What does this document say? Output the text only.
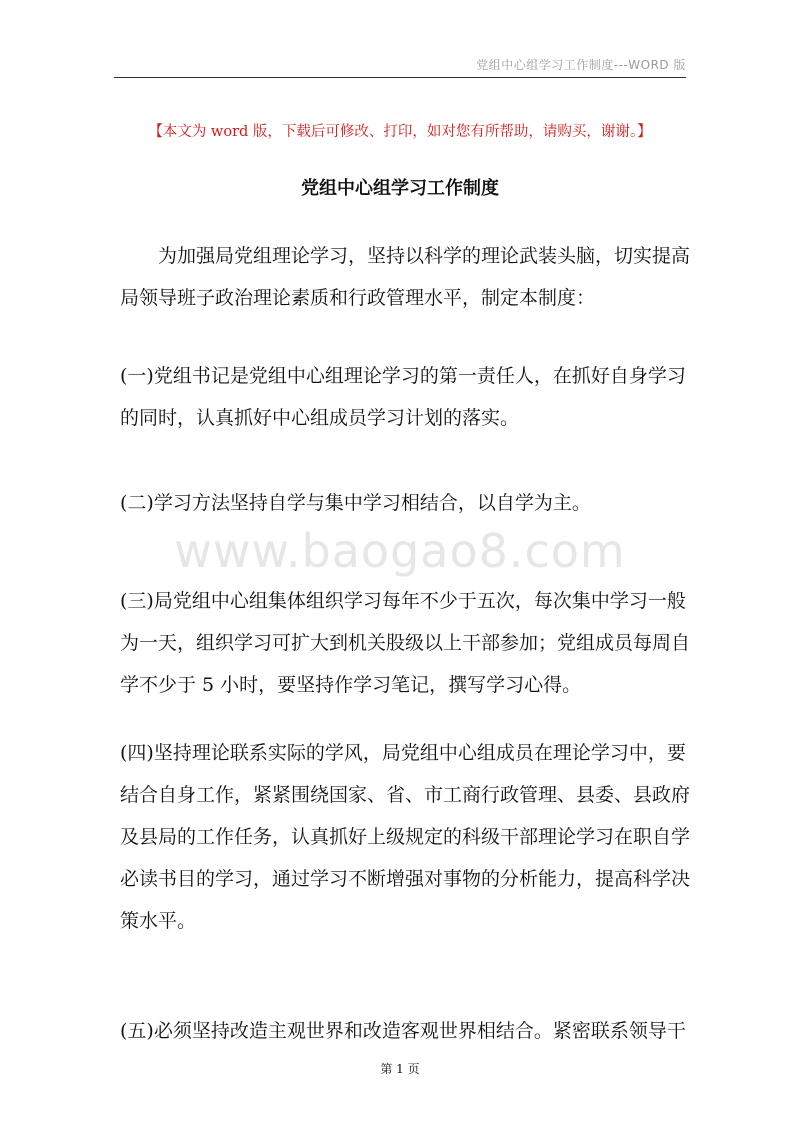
党组中心组学习工作制度---WORD 版
【本文为 word 版，下载后可修改、打印，如对您有所帮助，请购买，谢谢。】
党组中心组学习工作制度
www.baogao8.com

　　为加强局党组理论学习，坚持以科学的理论武装头脑，切实提高
局领导班子政治理论素质和行政管理水平，制定本制度：

(一)党组书记是党组中心组理论学习的第一责任人，在抓好自身学习
的同时，认真抓好中心组成员学习计划的落实。

(二)学习方法坚持自学与集中学习相结合，以自学为主。

(三)局党组中心组集体组织学习每年不少于五次，每次集中学习一般
为一天，组织学习可扩大到机关股级以上干部参加；党组成员每周自
学不少于 5 小时，要坚持作学习笔记，撰写学习心得。

(四)坚持理论联系实际的学风，局党组中心组成员在理论学习中，要
结合自身工作，紧紧围绕国家、省、市工商行政管理、县委、县政府
及县局的工作任务，认真抓好上级规定的科级干部理论学习在职自学
必读书目的学习，通过学习不断增强对事物的分析能力，提高科学决
策水平。

(五)必须坚持改造主观世界和改造客观世界相结合。紧密联系领导干

第 1 页
